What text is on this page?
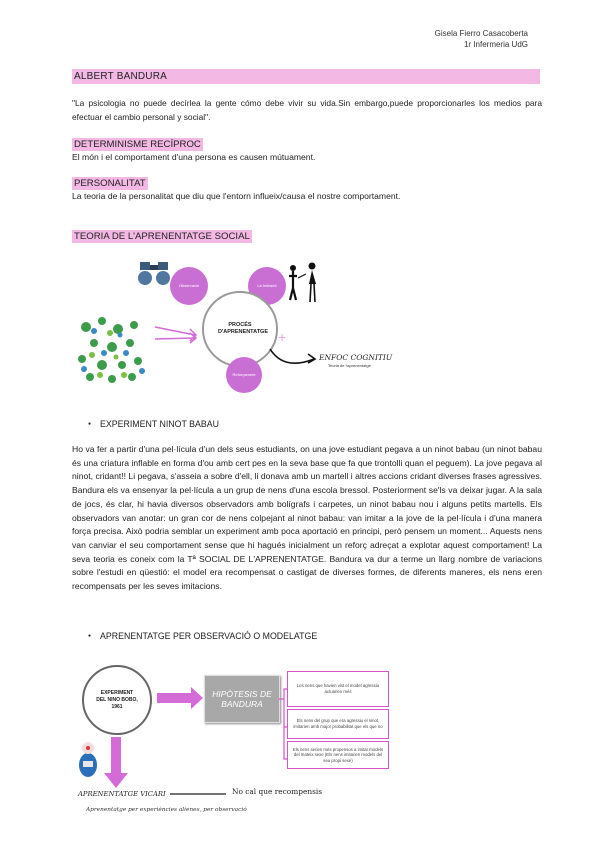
Gisela Fierro Casacoberta
1r Infermeria UdG
ALBERT BANDURA
"La psicologia no puede decírlea la gente cómo debe vivir su vida.Sin embargo,puede proporcionarles los medios para efectuar el cambio personal y social".
DETERMINISME RECÍPROC
El món i el comportament d'una persona es causen mútuament.
PERSONALITAT
La teoria de la personalitat que diu que l'entorn influeix/causa el nostre comportament.
TEORIA DE L'APRENENTATGE SOCIAL
Observació	La Imitació
PROCÉS D'APRENENTATGE
Reforçament
+
ENFOC COGNITIU
Teoria de l'aprenentatge
● EXPERIMENT NINOT BABAU
Ho va fer a partir d'una pel·lícula d'un dels seus estudiants, on una jove estudiant pegava a un ninot babau (un ninot babau és una criatura inflable en forma d'ou amb cert pes en la seva base que fa que trontolli quan el peguem). La jove pegava al ninot, cridant!! Li pegava, s'asseia a sobre d'ell, li donava amb un martell i altres accions cridant diverses frases agressives. Bandura els va ensenyar la pel·lícula a un grup de nens d'una escola bressol. Posteriorment se'ls va deixar jugar. A la sala de jocs, és clar, hi havia diversos observadors amb bolígrafs i carpetes, un ninot babau nou i alguns petits martells. Els observadors van anotar: un gran cor de nens colpejant al ninot babau: van imitar a la jove de la pel·lícula i d'una manera força precisa. Això podria semblar un experiment amb poca aportació en principi, però pensem un moment... Aquests nens van canviar el seu comportament sense que hi hagués inicialment un reforç adreçat a explotar aquest comportament! La seva teoria es coneix com la Tª SOCIAL DE L'APRENENTATGE. Bandura va dur a terme un llarg nombre de variacions sobre l'estudi en qüestió: el model era recompensat o castigat de diverses formes, de diferents maneres, els nens eren recompensats per les seves imitacions.
● APRENENTATGE PER OBSERVACIÓ O MODELATGE
EXPERIMENT DEL NINO BOBO, 1961
HIPÒTESIS DE BANDURA
Les nens que havien vist el model agressiu actuarien més
Els nens del grup que era agressiu el ninot, imitarien amb major probabilitat que els que no
Els nens serien més propensos a imitar models del mateix sexe (Els nens imitarien models del seu propi sexe)
APRENENTATGE VICARI	No cal que recompensis
Aprenentatge per experiències alienes, per observació
